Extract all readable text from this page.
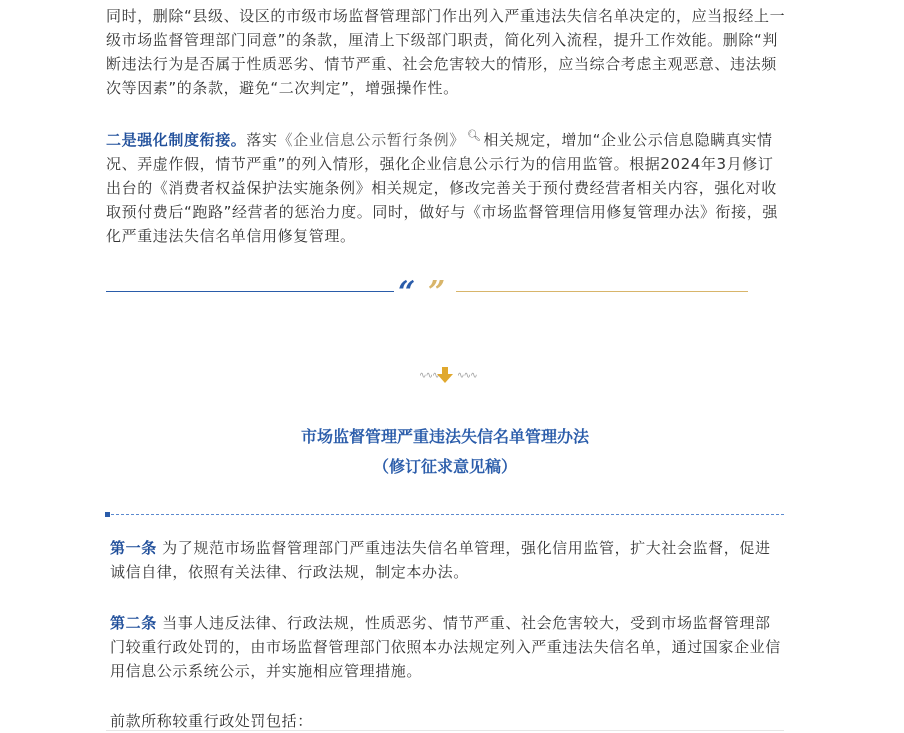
同时，删除“县级、设区的市级市场监督管理部门作出列入严重违法失信名单决定的，应当报经上一级市场监督管理部门同意”的条款，厘清上下级部门职责，简化列入流程，提升工作效能。删除“判断违法行为是否属于性质恶劣、情节严重、社会危害较大的情形，应当综合考虑主观恶意、违法频次等因素”的条款，避免“二次判定”，增强操作性。

二是强化制度衔接。落实《企业信息公示暂行条例》 🔍︎ 相关规定，增加“企业公示信息隐瞒真实情况、弄虚作假，情节严重”的列入情形，强化企业信息公示行为的信用监管。根据2024年3月修订出台的《消费者权益保护法实施条例》相关规定，修改完善关于预付费经营者相关内容，强化对收取预付费后“跑路”经营者的惩治力度。同时，做好与《市场监督管理信用修复管理办法》衔接，强化严重违法失信名单信用修复管理。

“ ”
∿∿∿ ∿∿∿
市场监督管理严重违法失信名单管理办法
（修订征求意见稿）

第一条 为了规范市场监督管理部门严重违法失信名单管理，强化信用监管，扩大社会监督，促进诚信自律，依照有关法律、行政法规，制定本办法。

第二条 当事人违反法律、行政法规，性质恶劣、情节严重、社会危害较大，受到市场监督管理部门较重行政处罚的，由市场监督管理部门依照本办法规定列入严重违法失信名单，通过国家企业信用信息公示系统公示，并实施相应管理措施。

前款所称较重行政处罚包括：
